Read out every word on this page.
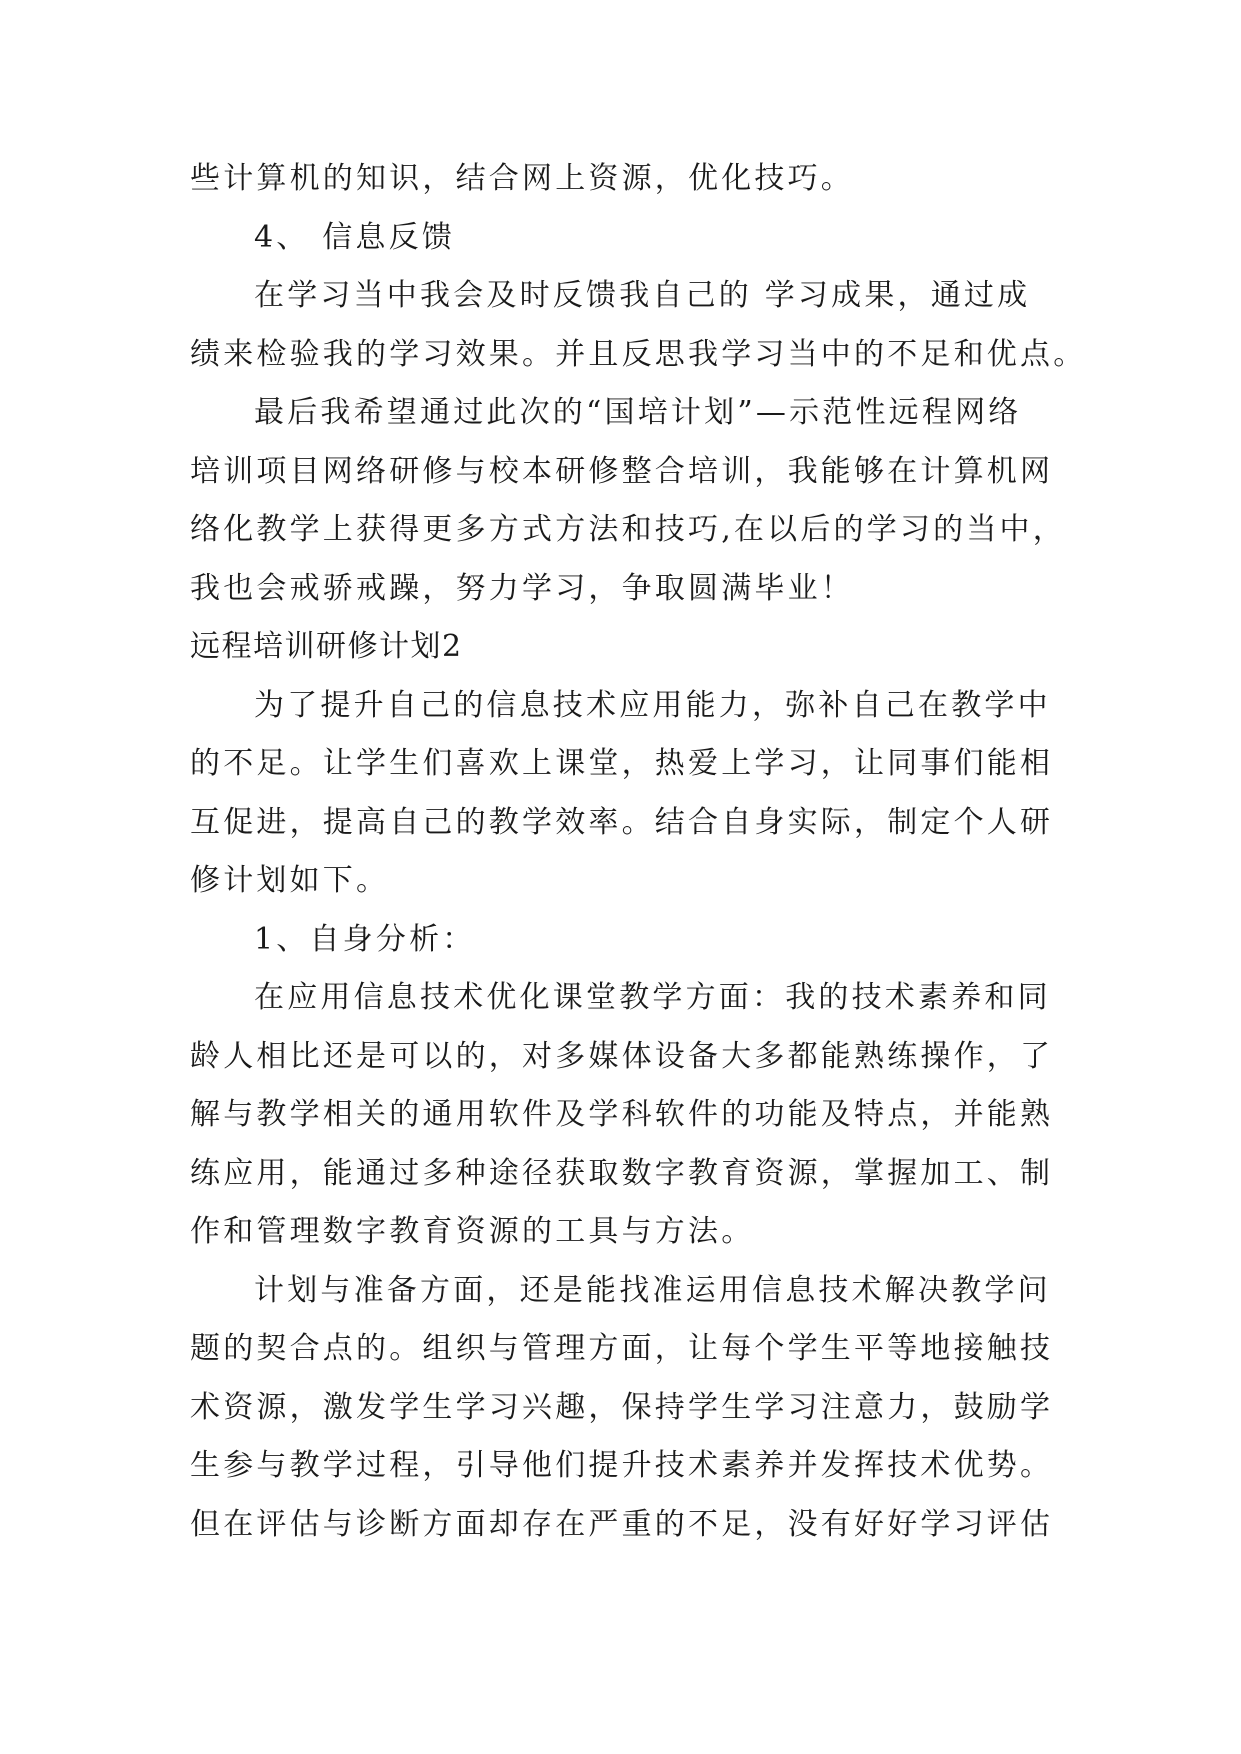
些计算机的知识，结合网上资源，优化技巧。
4、 信息反馈
在学习当中我会及时反馈我自己的 学习成果，通过成
绩来检验我的学习效果。并且反思我学习当中的不足和优点。
最后我希望通过此次的“国培计划”—示范性远程网络
培训项目网络研修与校本研修整合培训，我能够在计算机网
络化教学上获得更多方式方法和技巧,在以后的学习的当中，
我也会戒骄戒躁，努力学习，争取圆满毕业！
远程培训研修计划2
为了提升自己的信息技术应用能力，弥补自己在教学中
的不足。让学生们喜欢上课堂，热爱上学习，让同事们能相
互促进，提高自己的教学效率。结合自身实际，制定个人研
修计划如下。
1、自身分析：
在应用信息技术优化课堂教学方面：我的技术素养和同
龄人相比还是可以的，对多媒体设备大多都能熟练操作，了
解与教学相关的通用软件及学科软件的功能及特点，并能熟
练应用，能通过多种途径获取数字教育资源，掌握加工、制
作和管理数字教育资源的工具与方法。
计划与准备方面，还是能找准运用信息技术解决教学问
题的契合点的。组织与管理方面，让每个学生平等地接触技
术资源，激发学生学习兴趣，保持学生学习注意力，鼓励学
生参与教学过程，引导他们提升技术素养并发挥技术优势。
但在评估与诊断方面却存在严重的不足，没有好好学习评估
